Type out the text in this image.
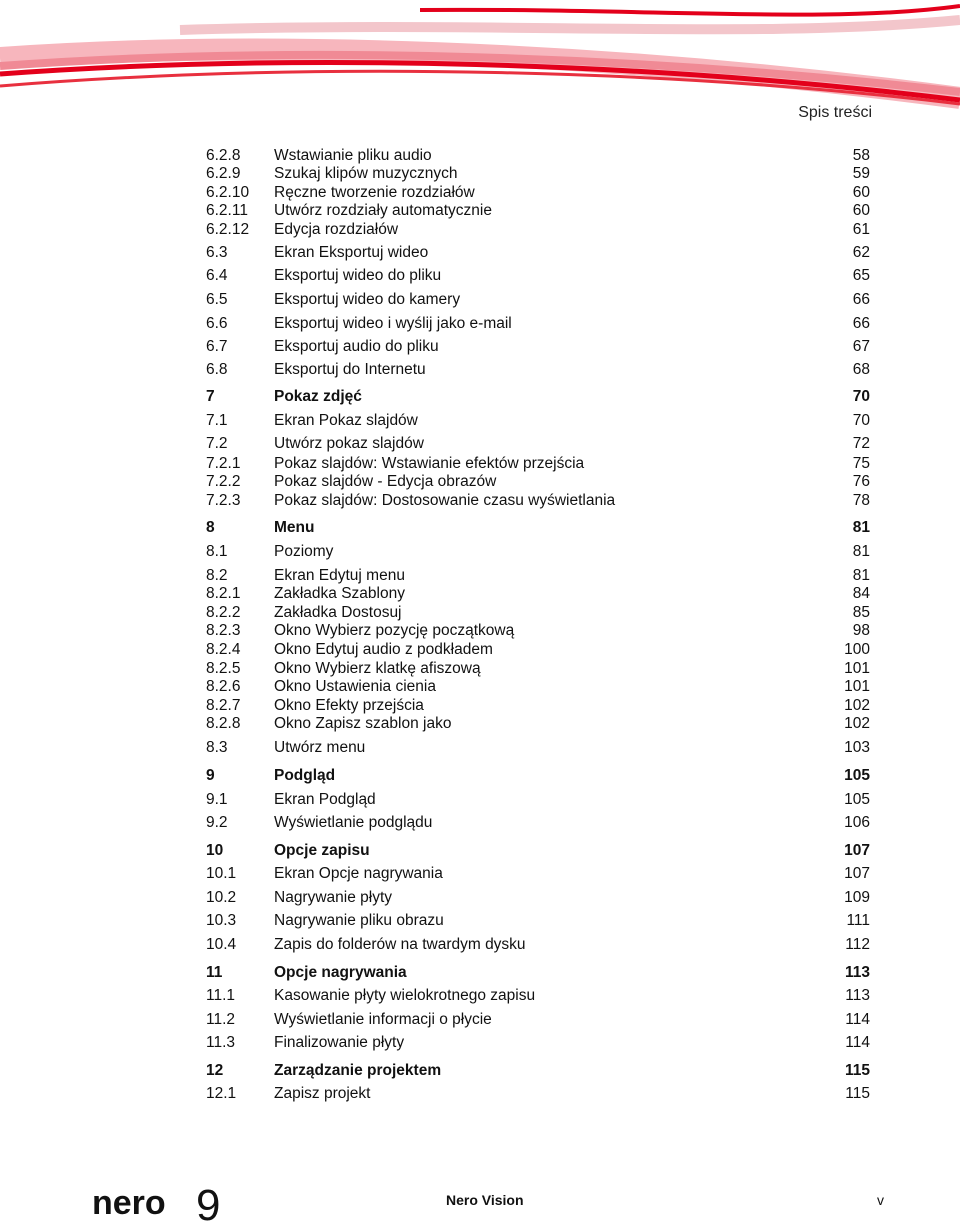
Spis treści
6.2.8 Wstawianie pliku audio	58
6.2.9 Szukaj klipów muzycznych	59
6.2.10 Ręczne tworzenie rozdziałów	60
6.2.11 Utwórz rozdziały automatycznie	60
6.2.12 Edycja rozdziałów	61
6.3	Ekran Eksportuj wideo	62
6.4	Eksportuj wideo do pliku	65
6.5	Eksportuj wideo do kamery	66
6.6	Eksportuj wideo i wyślij jako e-mail	66
6.7	Eksportuj audio do pliku	67
6.8	Eksportuj do Internetu	68
7	Pokaz zdjęć	70
7.1	Ekran Pokaz slajdów	70
7.2	Utwórz pokaz slajdów	72
7.2.1 Pokaz slajdów: Wstawianie efektów przejścia	75
7.2.2 Pokaz slajdów - Edycja obrazów	76
7.2.3 Pokaz slajdów: Dostosowanie czasu wyświetlania	78
8	Menu	81
8.1	Poziomy	81
8.2	Ekran Edytuj menu	81
8.2.1 Zakładka Szablony	84
8.2.2 Zakładka Dostosuj	85
8.2.3 Okno Wybierz pozycję początkową	98
8.2.4 Okno Edytuj audio z podkładem	100
8.2.5 Okno Wybierz klatkę afiszową	101
8.2.6 Okno Ustawienia cienia	101
8.2.7 Okno Efekty przejścia	102
8.2.8 Okno Zapisz szablon jako	102
8.3	Utwórz menu	103
9	Podgląd	105
9.1	Ekran Podgląd	105
9.2	Wyświetlanie podglądu	106
10	Opcje zapisu	107
10.1 Ekran Opcje nagrywania	107
10.2 Nagrywanie płyty	109
10.3 Nagrywanie pliku obrazu	111
10.4 Zapis do folderów na twardym dysku	112
11	Opcje nagrywania	113
11.1	Kasowanie płyty wielokrotnego zapisu	113
11.2	Wyświetlanie informacji o płycie	114
11.3	Finalizowanie płyty	114
12	Zarządzanie projektem	115
12.1 Zapisz projekt	115
nero 9	Nero Vision	v
